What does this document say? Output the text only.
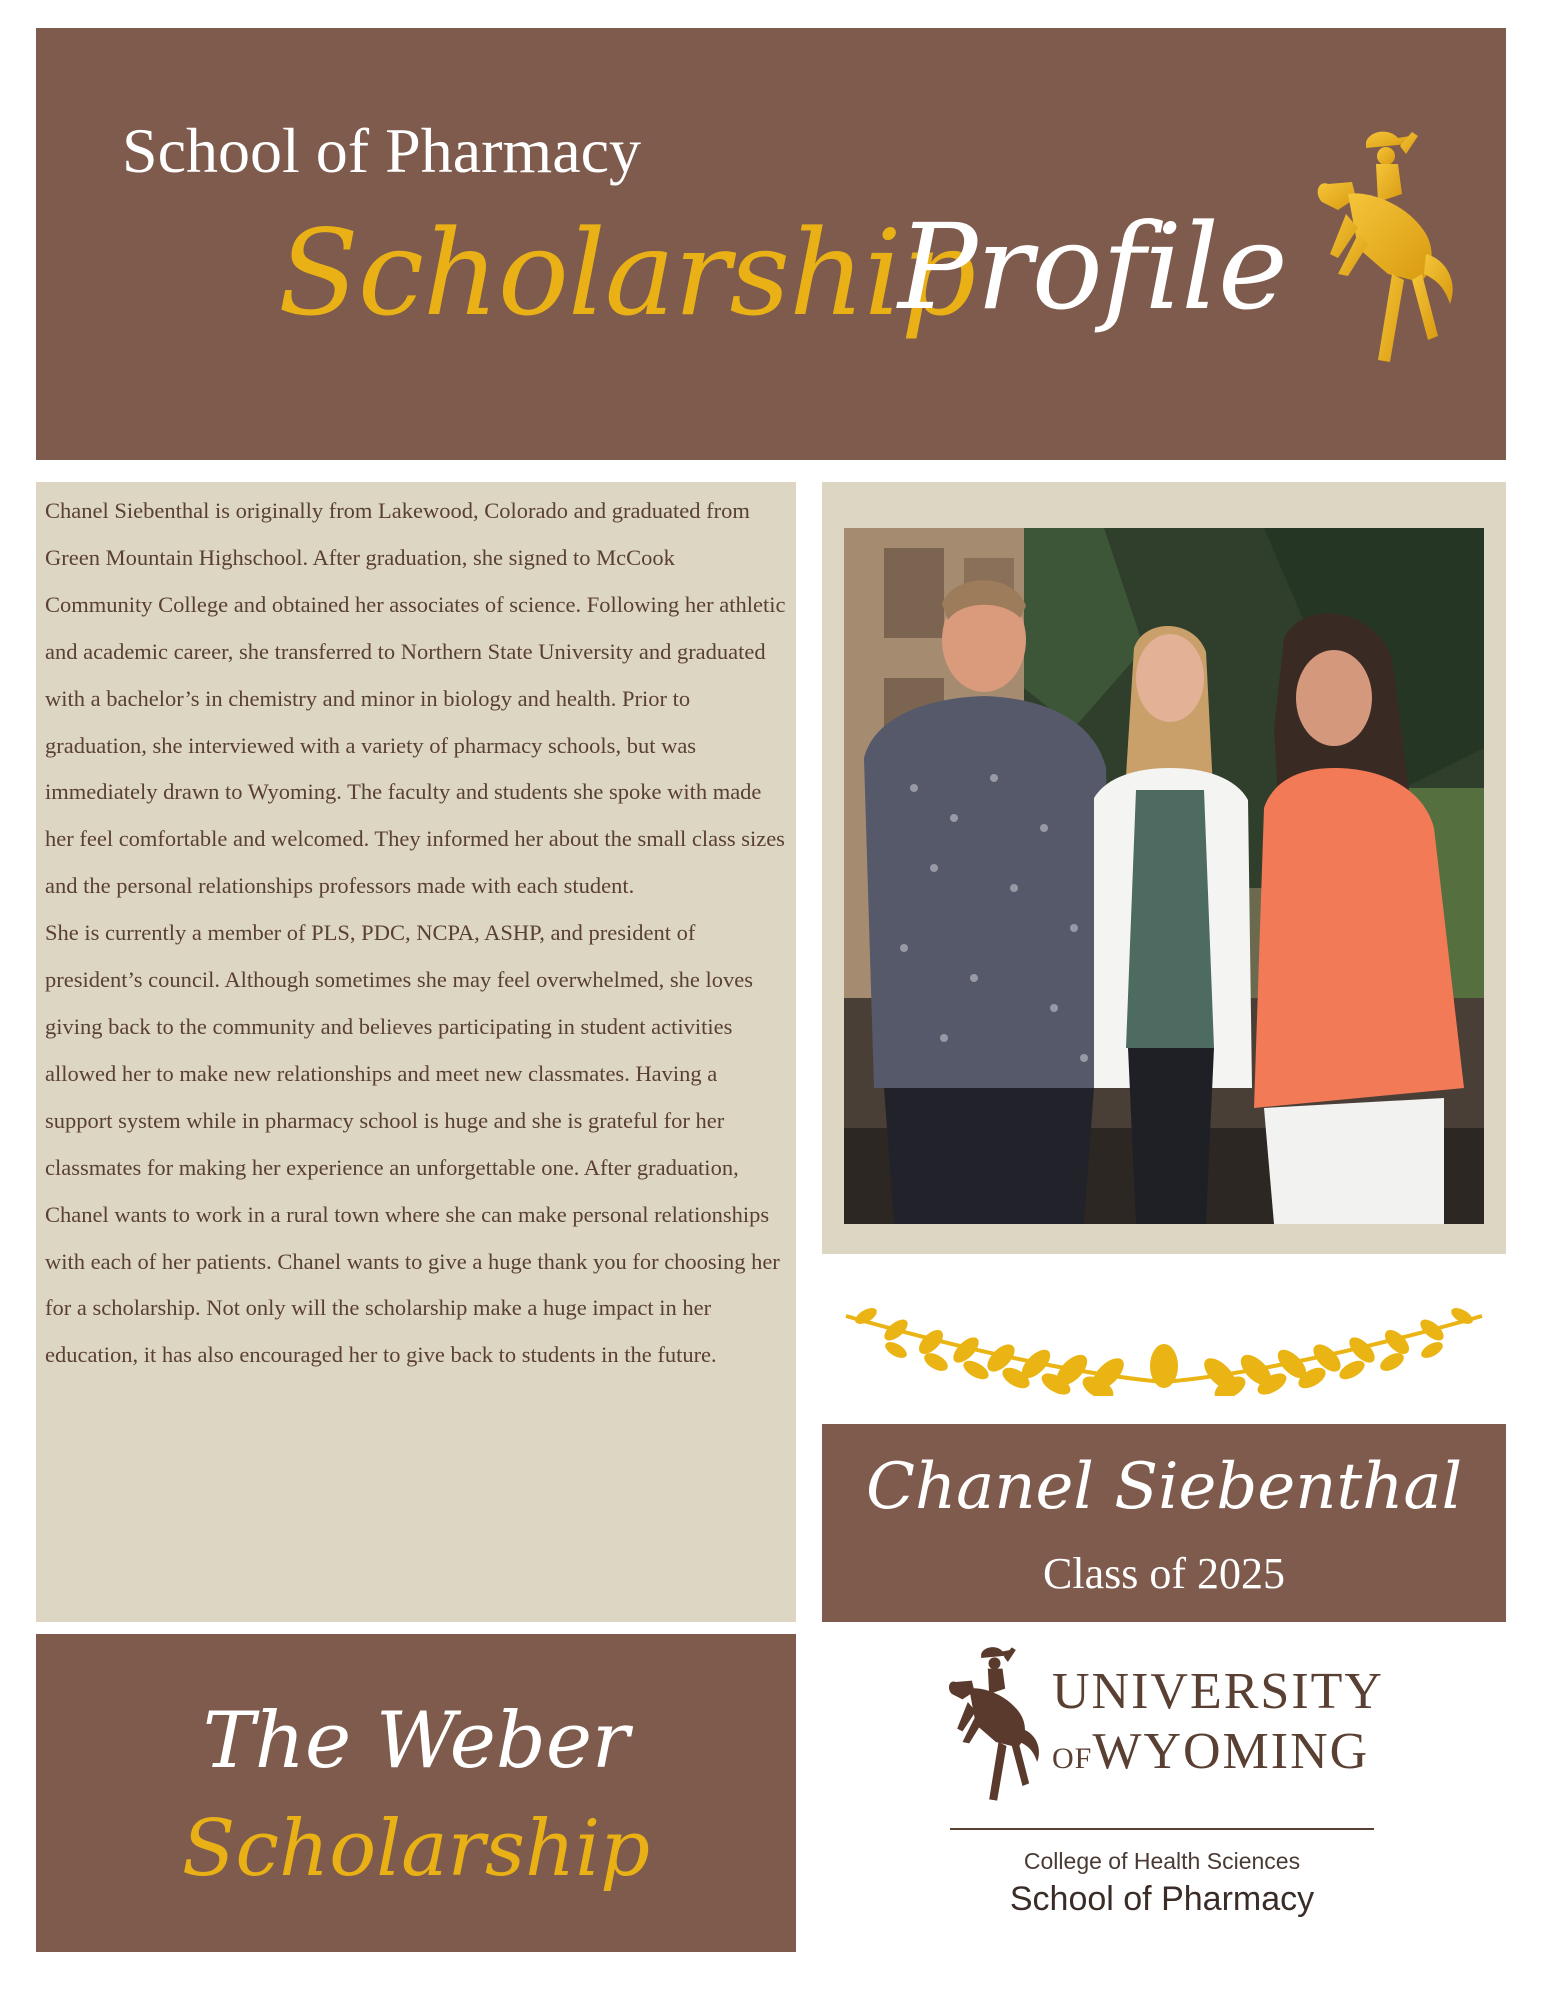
School of Pharmacy
Scholarship
Profile

Chanel Siebenthal is originally from Lakewood, Colorado and graduated from Green Mountain Highschool. After graduation, she signed to McCook Community College and obtained her associates of science. Following her athletic and academic career, she transferred to Northern State University and graduated with a bachelor’s in chemistry and minor in biology and health. Prior to graduation, she interviewed with a variety of pharmacy schools, but was immediately drawn to Wyoming. The faculty and students she spoke with made her feel comfortable and welcomed. They informed her about the small class sizes and the personal relationships professors made with each student.

She is currently a member of PLS, PDC, NCPA, ASHP, and president of president’s council. Although sometimes she may feel overwhelmed, she loves giving back to the community and believes participating in student activities allowed her to make new relationships and meet new classmates. Having a support system while in pharmacy school is huge and she is grateful for her classmates for making her experience an unforgettable one. After graduation, Chanel wants to work in a rural town where she can make personal relationships with each of her patients. Chanel wants to give a huge thank you for choosing her for a scholarship. Not only will the scholarship make a huge impact in her education, it has also encouraged her to give back to students in the future.

Chanel Siebenthal
Class of 2025
The Weber
Scholarship
UNIVERSITY
OFWYOMING
College of Health Sciences
School of Pharmacy
